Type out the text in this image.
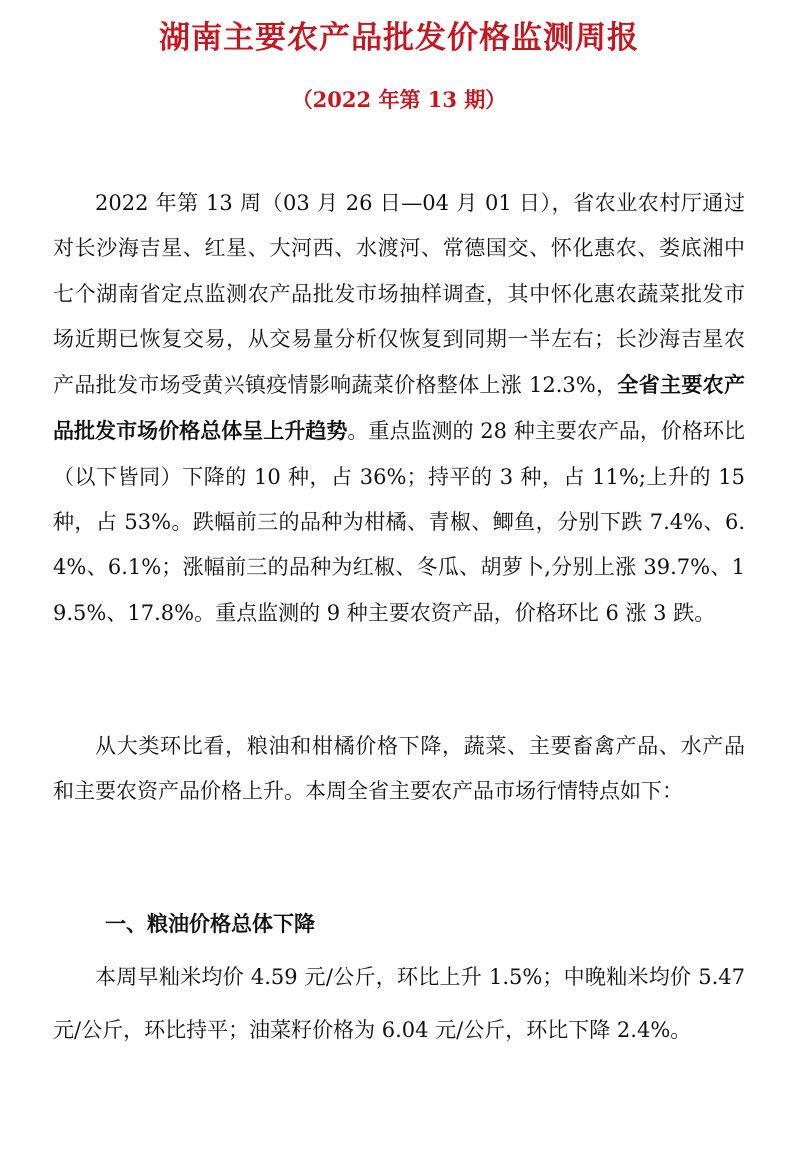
湖南主要农产品批发价格监测周报
（2022 年第 13 期）

2022 年第 13 周（03 月 26 日—04 月 01 日），省农业农村厅通过对长沙海吉星、红星、大河西、水渡河、常德国交、怀化惠农、娄底湘中七个湖南省定点监测农产品批发市场抽样调查，其中怀化惠农蔬菜批发市场近期已恢复交易，从交易量分析仅恢复到同期一半左右；长沙海吉星农产品批发市场受黄兴镇疫情影响蔬菜价格整体上涨 12.3%，全省主要农产品批发市场价格总体呈上升趋势。重点监测的 28 种主要农产品，价格环比（以下皆同）下降的 10 种，占 36%；持平的 3 种，占 11%;上升的 15 种，占 53%。跌幅前三的品种为柑橘、青椒、鲫鱼，分别下跌 7.4%、6.4%、6.1%；涨幅前三的品种为红椒、冬瓜、胡萝卜,分别上涨 39.7%、19.5%、17.8%。重点监测的 9 种主要农资产品，价格环比 6 涨 3 跌。

从大类环比看，粮油和柑橘价格下降，蔬菜、主要畜禽产品、水产品和主要农资产品价格上升。本周全省主要农产品市场行情特点如下：

一、粮油价格总体下降

本周早籼米均价 4.59 元/公斤，环比上升 1.5%；中晚籼米均价 5.47 元/公斤，环比持平；油菜籽价格为 6.04 元/公斤，环比下降 2.4%。
